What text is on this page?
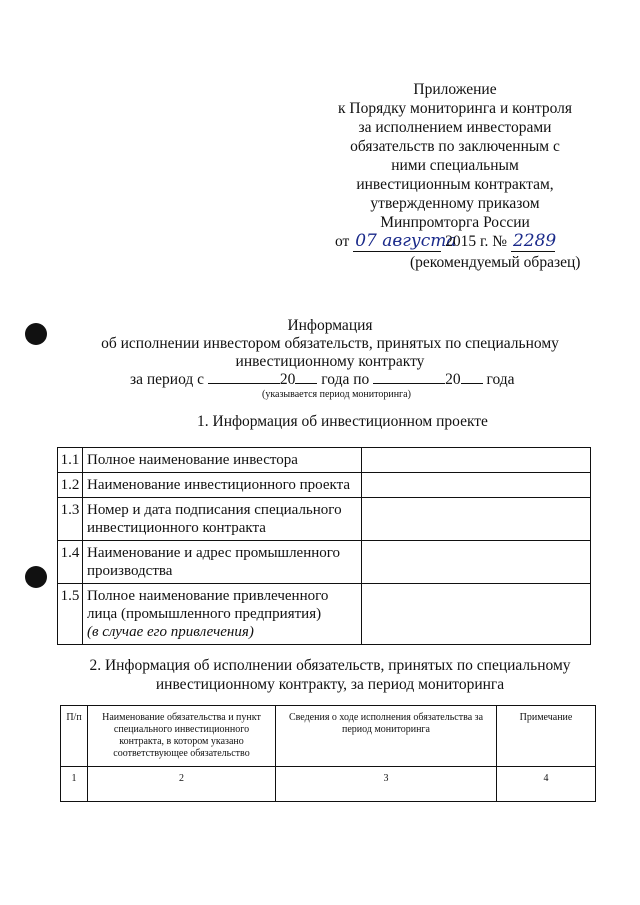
Приложение
к Порядку мониторинга и контроля
за исполнением инвесторами
обязательств по заключенным с
ними специальным
инвестиционным контрактам,
утвержденному приказом
Минпромторга России
от 07 августа 2015 г. № 2289
(рекомендуемый образец)
Информация
об исполнении инвестором обязательств, принятых по специальному
инвестиционному контракту
за период с	20 года по	20 года
(указывается период мониторинга)
1. Информация об инвестиционном проекте
1.1	Полное наименование инвестора	
1.2	Наименование инвестиционного проекта	
1.3	Номер и дата подписания специального инвестиционного контракта	
1.4	Наименование и адрес промышленного производства	
1.5	Полное наименование привлеченного лица (промышленного предприятия)
(в случае его привлечения)	
2. Информация об исполнении обязательств, принятых по специальному
инвестиционному контракту, за период мониторинга
П/п	Наименование обязательства и пункт специального инвестиционного контракта, в котором указано соответствующее обязательство	Сведения о ходе исполнения обязательства за период мониторинга	Примечание
1	2	3	4
